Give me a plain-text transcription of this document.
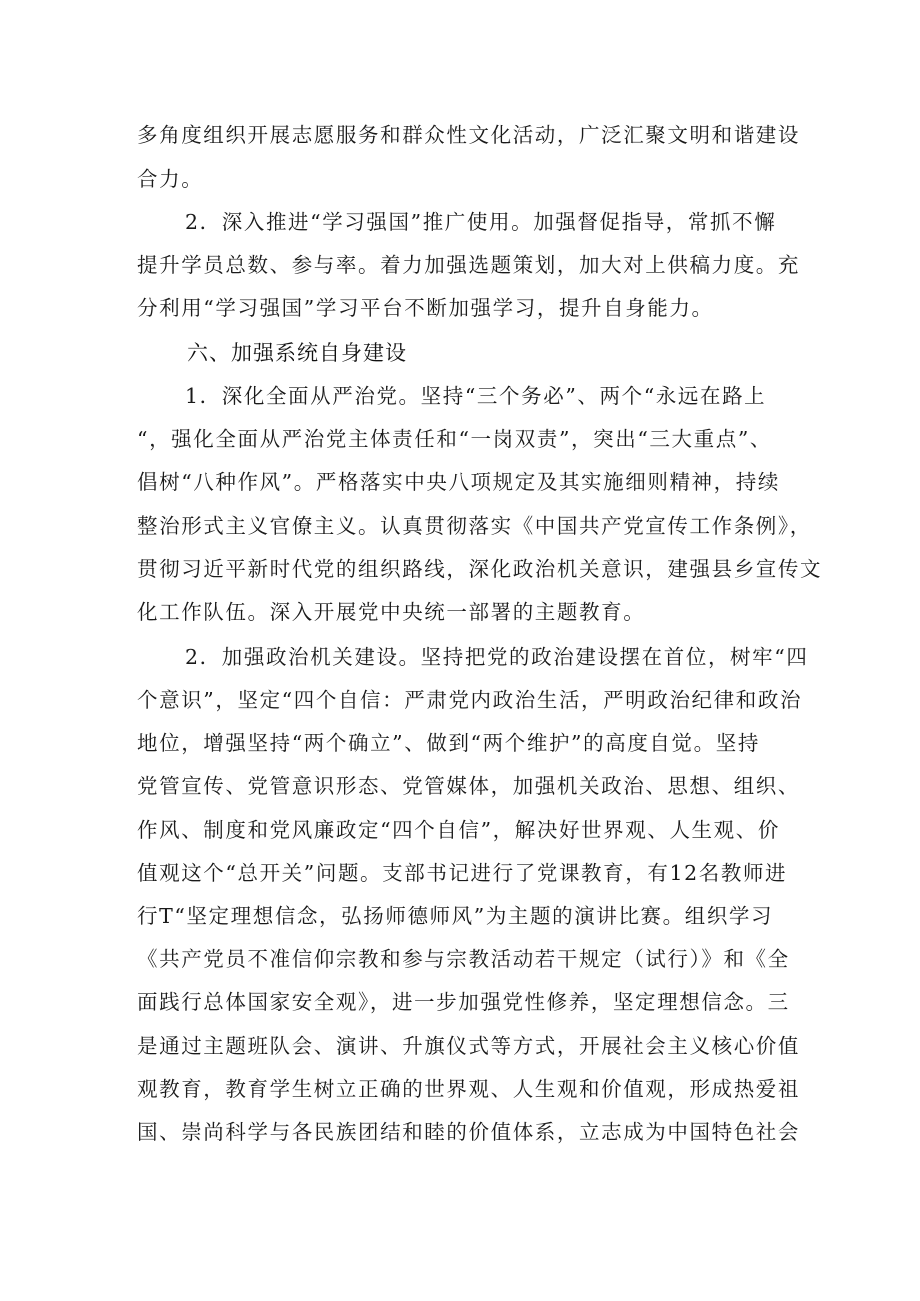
多角度组织开展志愿服务和群众性文化活动，广泛汇聚文明和谐建设
合力。
2．深入推进“学习强国”推广使用。加强督促指导，常抓不懈
提升学员总数、参与率。着力加强选题策划，加大对上供稿力度。充
分利用“学习强国”学习平台不断加强学习，提升自身能力。
六、加强系统自身建设
1．深化全面从严治党。坚持“三个务必”、两个“永远在路上
“，强化全面从严治党主体责任和“一岗双责”，突出“三大重点”、
倡树“八种作风”。严格落实中央八项规定及其实施细则精神，持续
整治形式主义官僚主义。认真贯彻落实《中国共产党宣传工作条例》，
贯彻习近平新时代党的组织路线，深化政治机关意识，建强县乡宣传文
化工作队伍。深入开展党中央统一部署的主题教育。
2．加强政治机关建设。坚持把党的政治建设摆在首位，树牢“四
个意识”，坚定“四个自信：严肃党内政治生活，严明政治纪律和政治
地位，增强坚持“两个确立”、做到“两个维护”的高度自觉。坚持
党管宣传、党管意识形态、党管媒体，加强机关政治、思想、组织、
作风、制度和党风廉政定“四个自信”，解决好世界观、人生观、价
值观这个“总开关”问题。支部书记进行了党课教育，有12名教师进
行T“坚定理想信念，弘扬师德师风”为主题的演讲比赛。组织学习
《共产党员不准信仰宗教和参与宗教活动若干规定（试行）》和《全
面践行总体国家安全观》，进一步加强党性修养，坚定理想信念。三
是通过主题班队会、演讲、升旗仪式等方式，开展社会主义核心价值
观教育，教育学生树立正确的世界观、人生观和价值观，形成热爱祖
国、崇尚科学与各民族团结和睦的价值体系，立志成为中国特色社会
